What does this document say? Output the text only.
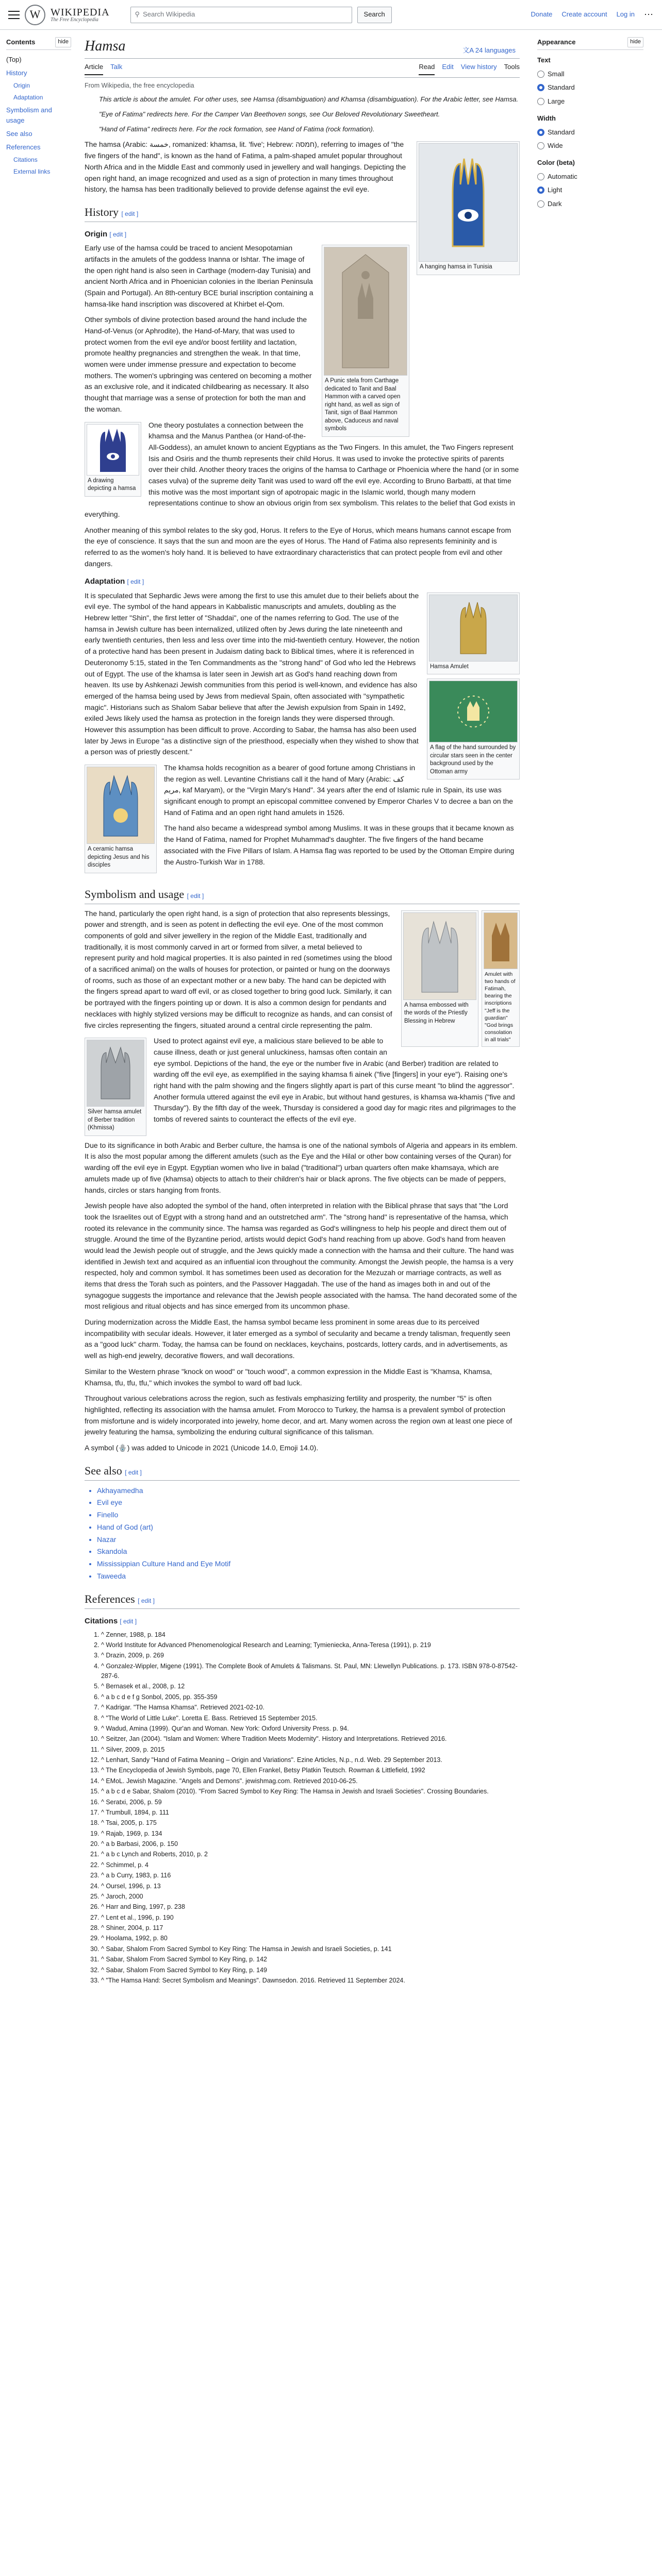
W WIKIPEDIA
The Free Encyclopedia
⚲ Search Wikipedia	Search	Donate Create account Log in ⋯
Contents	hide
(Top)
History
Origin
Adaptation
Symbolism and usage
See also
References
Citations
External links
Hamsa	文A 24 languages
Article Talk	Read Edit View history Tools
From Wikipedia, the free encyclopedia
This article is about the amulet. For other uses, see Hamsa (disambiguation) and Khamsa (disambiguation). For the Arabic letter, see Hamsa.
"Eye of Fatima" redirects here. For the Camper Van Beethoven songs, see Our Beloved Revolutionary Sweetheart.
"Hand of Fatima" redirects here. For the rock formation, see Hand of Fatima (rock formation).
A hanging hamsa in Tunisia

The hamsa (Arabic: خمسة, romanized: khamsa, lit. 'five'; Hebrew: חמסה), referring to images of "the five fingers of the hand", is known as the hand of Fatima, a palm-shaped amulet popular throughout North Africa and in the Middle East and commonly used in jewellery and wall hangings. Depicting the open right hand, an image recognized and used as a sign of protection in many times throughout history, the hamsa has been traditionally believed to provide defense against the evil eye.

History [ edit ]
Origin [ edit ]
A Punic stela from Carthage dedicated to Tanit and Baal Hammon with a carved open right hand, as well as sign of Tanit, sign of Baal Hammon above, Caduceus and naval symbols

Early use of the hamsa could be traced to ancient Mesopotamian artifacts in the amulets of the goddess Inanna or Ishtar. The image of the open right hand is also seen in Carthage (modern-day Tunisia) and ancient North Africa and in Phoenician colonies in the Iberian Peninsula (Spain and Portugal). An 8th-century BCE burial inscription containing a hamsa-like hand inscription was discovered at Khirbet el-Qom.

Other symbols of divine protection based around the hand include the Hand-of-Venus (or Aphrodite), the Hand-of-Mary, that was used to protect women from the evil eye and/or boost fertility and lactation, promote healthy pregnancies and strengthen the weak. In that time, women were under immense pressure and expectation to become mothers. The women's upbringing was centered on becoming a mother as an exclusive role, and it indicated childbearing as necessary. It also thought that marriage was a sense of protection for both the man and the woman.

A drawing depicting a hamsa

One theory postulates a connection between the khamsa and the Manus Panthea (or Hand-of-the-All-Goddess), an amulet known to ancient Egyptians as the Two Fingers. In this amulet, the Two Fingers represent Isis and Osiris and the thumb represents their child Horus. It was used to invoke the protective spirits of parents over their child. Another theory traces the origins of the hamsa to Carthage or Phoenicia where the hand (or in some cases vulva) of the supreme deity Tanit was used to ward off the evil eye. According to Bruno Barbatti, at that time this motive was the most important sign of apotropaic magic in the Islamic world, though many modern representations continue to show an obvious origin from sex symbolism. This relates to the belief that God exists in everything.

Another meaning of this symbol relates to the sky god, Horus. It refers to the Eye of Horus, which means humans cannot escape from the eye of conscience. It says that the sun and moon are the eyes of Horus. The Hand of Fatima also represents femininity and is referred to as the women's holy hand. It is believed to have extraordinary characteristics that can protect people from evil and other dangers.

Adaptation [ edit ]
Hamsa Amulet
A flag of the hand surrounded by circular stars seen in the center background used by the Ottoman army

It is speculated that Sephardic Jews were among the first to use this amulet due to their beliefs about the evil eye. The symbol of the hand appears in Kabbalistic manuscripts and amulets, doubling as the Hebrew letter "Shin", the first letter of "Shaddai", one of the names referring to God. The use of the hamsa in Jewish culture has been internalized, utilized often by Jews during the late nineteenth and early twentieth centuries, then less and less over time into the mid-twentieth century. However, the notion of a protective hand has been present in Judaism dating back to Biblical times, where it is referenced in Deuteronomy 5:15, stated in the Ten Commandments as the "strong hand" of God who led the Hebrews out of Egypt. The use of the khamsa is later seen in Jewish art as God's hand reaching down from heaven. Its use by Ashkenazi Jewish communities from this period is well-known, and evidence has also emerged of the hamsa being used by Jews from medieval Spain, often associated with "sympathetic magic". Historians such as Shalom Sabar believe that after the Jewish expulsion from Spain in 1492, exiled Jews likely used the hamsa as protection in the foreign lands they were dispersed through. However this assumption has been difficult to prove. According to Sabar, the hamsa has also been used later by Jews in Europe "as a distinctive sign of the priesthood, especially when they wished to show that a person was of priestly descent."

A ceramic hamsa depicting Jesus and his disciples

The khamsa holds recognition as a bearer of good fortune among Christians in the region as well. Levantine Christians call it the hand of Mary (Arabic: كف مريم, kaf Maryam), or the "Virgin Mary's Hand". 34 years after the end of Islamic rule in Spain, its use was significant enough to prompt an episcopal committee convened by Emperor Charles V to decree a ban on the Hand of Fatima and an open right hand amulets in 1526.

The hand also became a widespread symbol among Muslims. It was in these groups that it became known as the Hand of Fatima, named for Prophet Muhammad's daughter. The five fingers of the hand became associated with the Five Pillars of Islam. A Hamsa flag was reported to be used by the Ottoman Empire during the Austro-Turkish War in 1788.

Symbolism and usage [ edit ]
A hamsa embossed with the words of the Priestly Blessing in Hebrew
Amulet with two hands of Fatimah, bearing the inscriptions "Jeff is the guardian" "God brings consolation in all trials"

The hand, particularly the open right hand, is a sign of protection that also represents blessings, power and strength, and is seen as potent in deflecting the evil eye. One of the most common components of gold and silver jewellery in the region of the Middle East, traditionally and traditionally, it is most commonly carved in art or formed from silver, a metal believed to represent purity and hold magical properties. It is also painted in red (sometimes using the blood of a sacrificed animal) on the walls of houses for protection, or painted or hung on the doorways of rooms, such as those of an expectant mother or a new baby. The hand can be depicted with the fingers spread apart to ward off evil, or as closed together to bring good luck. Similarly, it can be portrayed with the fingers pointing up or down. It is also a common design for pendants and necklaces with highly stylized versions may be difficult to recognize as hands, and can consist of five circles representing the fingers, situated around a central circle representing the palm.

Silver hamsa amulet of Berber tradition (Khmissa)

Used to protect against evil eye, a malicious stare believed to be able to cause illness, death or just general unluckiness, hamsas often contain an eye symbol. Depictions of the hand, the eye or the number five in Arabic (and Berber) tradition are related to warding off the evil eye, as exemplified in the saying khamsa fi ainek ("five [fingers] in your eye"). Raising one's right hand with the palm showing and the fingers slightly apart is part of this curse meant "to blind the aggressor". Another formula uttered against the evil eye in Arabic, but without hand gestures, is khamsa wa-khamis ("five and Thursday"). By the fifth day of the week, Thursday is considered a good day for magic rites and pilgrimages to the tombs of revered saints to counteract the effects of the evil eye.

Due to its significance in both Arabic and Berber culture, the hamsa is one of the national symbols of Algeria and appears in its emblem. It is also the most popular among the different amulets (such as the Eye and the Hilal or other bow containing verses of the Quran) for warding off the evil eye in Egypt. Egyptian women who live in balad ("traditional") urban quarters often make khamsaya, which are amulets made up of five (khamsa) objects to attach to their children's hair or black aprons. The five objects can be made of peppers, hands, circles or stars hanging from fronts.

Jewish people have also adopted the symbol of the hand, often interpreted in relation with the Biblical phrase that says that "the Lord took the Israelites out of Egypt with a strong hand and an outstretched arm". The "strong hand" is representative of the hamsa, which rooted its relevance in the community since. The hamsa was regarded as God's willingness to help his people and direct them out of struggle. Around the time of the Byzantine period, artists would depict God's hand reaching from up above. God's hand from heaven would lead the Jewish people out of struggle, and the Jews quickly made a connection with the hamsa and their culture. The hand was identified in Jewish text and acquired as an influential icon throughout the community. Amongst the Jewish people, the hamsa is a very respected, holy and common symbol. It has sometimes been used as decoration for the Mezuzah or marriage contracts, as well as items that dress the Torah such as pointers, and the Passover Haggadah. The use of the hand as images both in and out of the synagogue suggests the importance and relevance that the Jewish people associated with the hamsa. The hand decorated some of the most religious and ritual objects and has since emerged from its uncommon phase.

During modernization across the Middle East, the hamsa symbol became less prominent in some areas due to its perceived incompatibility with secular ideals. However, it later emerged as a symbol of secularity and became a trendy talisman, frequently seen as a "good luck" charm. Today, the hamsa can be found on necklaces, keychains, postcards, lottery cards, and in advertisements, as well as high-end jewelry, decorative flowers, and wall decorations.

Similar to the Western phrase "knock on wood" or "touch wood", a common expression in the Middle East is "Khamsa, Khamsa, Khamsa, tfu, tfu, tfu," which invokes the symbol to ward off bad luck.

Throughout various celebrations across the region, such as festivals emphasizing fertility and prosperity, the number "5" is often highlighted, reflecting its association with the hamsa amulet. From Morocco to Turkey, the hamsa is a prevalent symbol of protection from misfortune and is widely incorporated into jewelry, home decor, and art. Many women across the region own at least one piece of jewelry featuring the hamsa, symbolizing the enduring cultural significance of this talisman.

A symbol (🪬) was added to Unicode in 2021 (Unicode 14.0, Emoji 14.0).

See also [ edit ]
• Akhayamedha
• Evil eye
• Finello
• Hand of God (art)
• Nazar
• Skandola
• Mississippian Culture Hand and Eye Motif
• Taweeda
References [ edit ]
Citations [ edit ]
1. ^ Zenner, 1988, p. 184
2. ^ World Institute for Advanced Phenomenological Research and Learning; Tymieniecka, Anna-Teresa (1991), p. 219
3. ^ Drazin, 2009, p. 269
4. ^ Gonzalez-Wippler, Migene (1991). The Complete Book of Amulets & Talismans. St. Paul, MN: Llewellyn Publications. p. 173. ISBN 978-0-87542-287-6.
5. ^ Bernasek et al., 2008, p. 12
6. ^ a b c d e f g Sonbol, 2005, pp. 355-359
7. ^ Kadrigar. "The Hamsa Khamsa". Retrieved 2021-02-10.
8. ^ "The World of Little Luke". Loretta E. Bass. Retrieved 15 September 2015.
9. ^ Wadud, Amina (1999). Qur'an and Woman. New York: Oxford University Press. p. 94.
10. ^ Seitzer, Jan (2004). "Islam and Women: Where Tradition Meets Modernity". History and Interpretations. Retrieved 2016.
11. ^ Silver, 2009, p. 2015
12. ^ Lenhart, Sandy "Hand of Fatima Meaning – Origin and Variations". Ezine Articles, N.p., n.d. Web. 29 September 2013.
13. ^ The Encyclopedia of Jewish Symbols, page 70, Ellen Frankel, Betsy Platkin Teutsch. Rowman & Littlefield, 1992
14. ^ EMoL. Jewish Magazine. "Angels and Demons". jewishmag.com. Retrieved 2010-06-25.
15. ^ a b c d e Sabar, Shalom (2010). "From Sacred Symbol to Key Ring: The Hamsa in Jewish and Israeli Societies". Crossing Boundaries.
16. ^ Seratxi, 2006, p. 59
17. ^ Trumbull, 1894, p. 111
18. ^ Tsai, 2005, p. 175
19. ^ Rajab, 1969, p. 134
20. ^ a b Barbasi, 2006, p. 150
21. ^ a b c Lynch and Roberts, 2010, p. 2
22. ^ Schimmel, p. 4
23. ^ a b Curry, 1983, p. 116
24. ^ Oursel, 1996, p. 13
25. ^ Jaroch, 2000
26. ^ Harr and Bing, 1997, p. 238
27. ^ Lent et al., 1996, p. 190
28. ^ Shiner, 2004, p. 117
29. ^ Hoolama, 1992, p. 80
30. ^ Sabar, Shalom From Sacred Symbol to Key Ring: The Hamsa in Jewish and Israeli Societies, p. 141
31. ^ Sabar, Shalom From Sacred Symbol to Key Ring, p. 142
32. ^ Sabar, Shalom From Sacred Symbol to Key Ring, p. 149
33. ^ "The Hamsa Hand: Secret Symbolism and Meanings". Dawnsedon. 2016. Retrieved 11 September 2024.
Appearance	hide
Text
Small
Standard
Large
Width
Standard
Wide
Color (beta)
Automatic
Light
Dark
